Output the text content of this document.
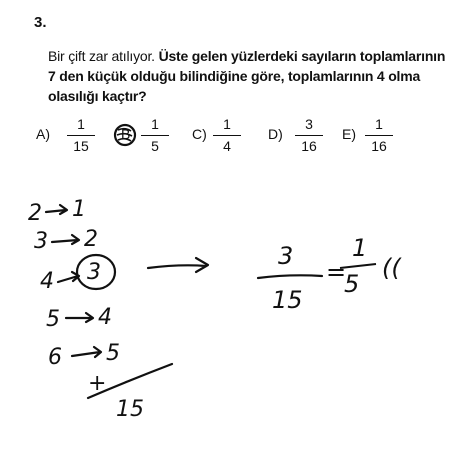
3.
Bir çift zar atılıyor. Üste gelen yüzlerdeki sayıların toplamlarının 7 den küçük olduğu bilindiğine göre, toplamlarının 4 olma olasılığı kaçtır?
A)
1
15
B
1
5
C)
1
4
D)
3
16
E)
1
16
2 1
3 2
4 3
5 4
6 5
+
15
3
15
=
1
5
((
